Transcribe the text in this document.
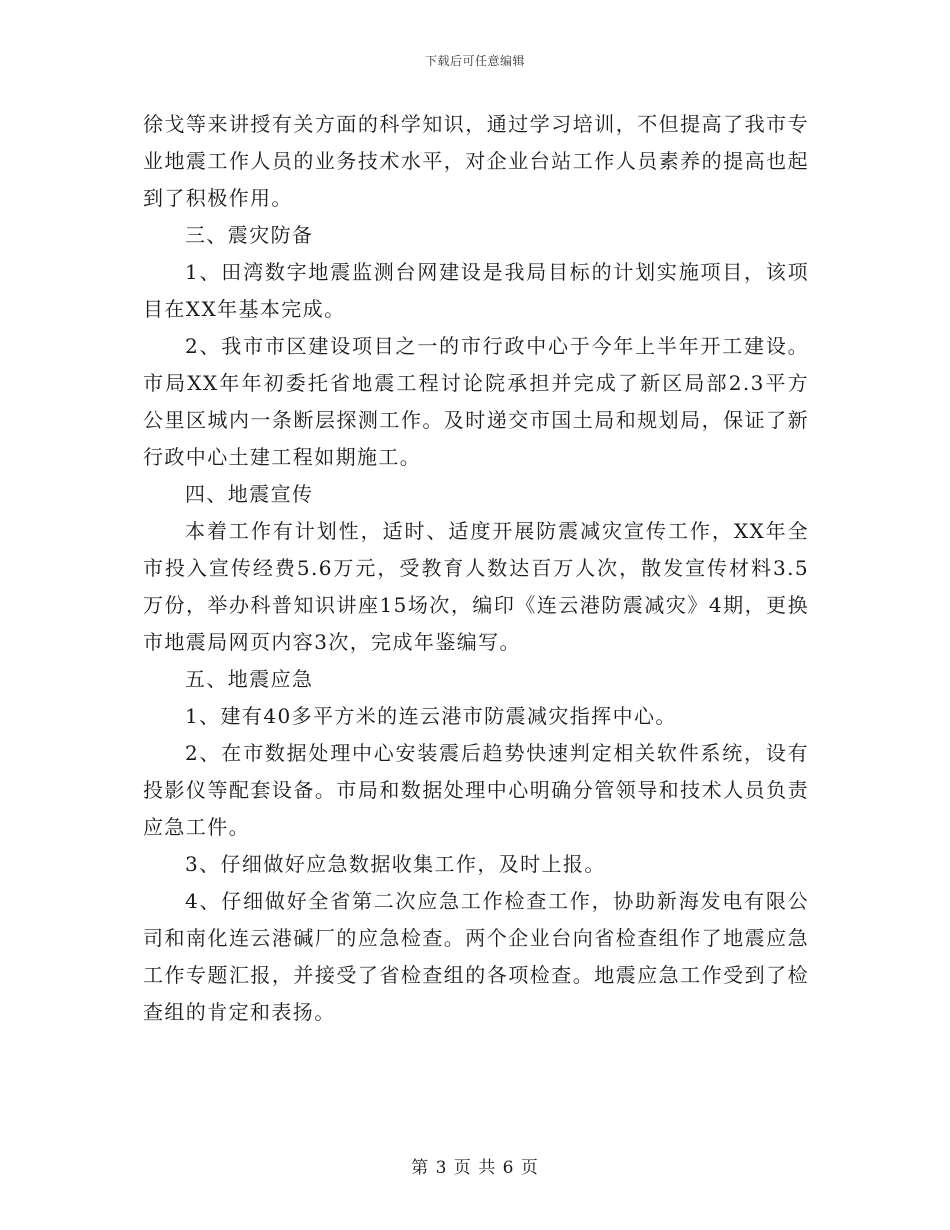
下载后可任意编辑

徐戈等来讲授有关方面的科学知识，通过学习培训，不但提高了我市专业地震工作人员的业务技术水平，对企业台站工作人员素养的提高也起到了积极作用。

三、震灾防备

1、田湾数字地震监测台网建设是我局目标的计划实施项目，该项目在XX年基本完成。

2、我市市区建设项目之一的市行政中心于今年上半年开工建设。市局XX年年初委托省地震工程讨论院承担并完成了新区局部2.3平方公里区城内一条断层探测工作。及时递交市国土局和规划局，保证了新行政中心土建工程如期施工。

四、地震宣传

本着工作有计划性，适时、适度开展防震减灾宣传工作，XX年全市投入宣传经费5.6万元，受教育人数达百万人次，散发宣传材料3.5万份，举办科普知识讲座15场次，编印《连云港防震减灾》4期，更换市地震局网页内容3次，完成年鉴编写。

五、地震应急

1、建有40多平方米的连云港市防震减灾指挥中心。

2、在市数据处理中心安装震后趋势快速判定相关软件系统，设有投影仪等配套设备。市局和数据处理中心明确分管领导和技术人员负责应急工件。

3、仔细做好应急数据收集工作，及时上报。

4、仔细做好全省第二次应急工作检查工作，协助新海发电有限公司和南化连云港碱厂的应急检查。两个企业台向省检查组作了地震应急工作专题汇报，并接受了省检查组的各项检查。地震应急工作受到了检查组的肯定和表扬。

第 3 页 共 6 页
